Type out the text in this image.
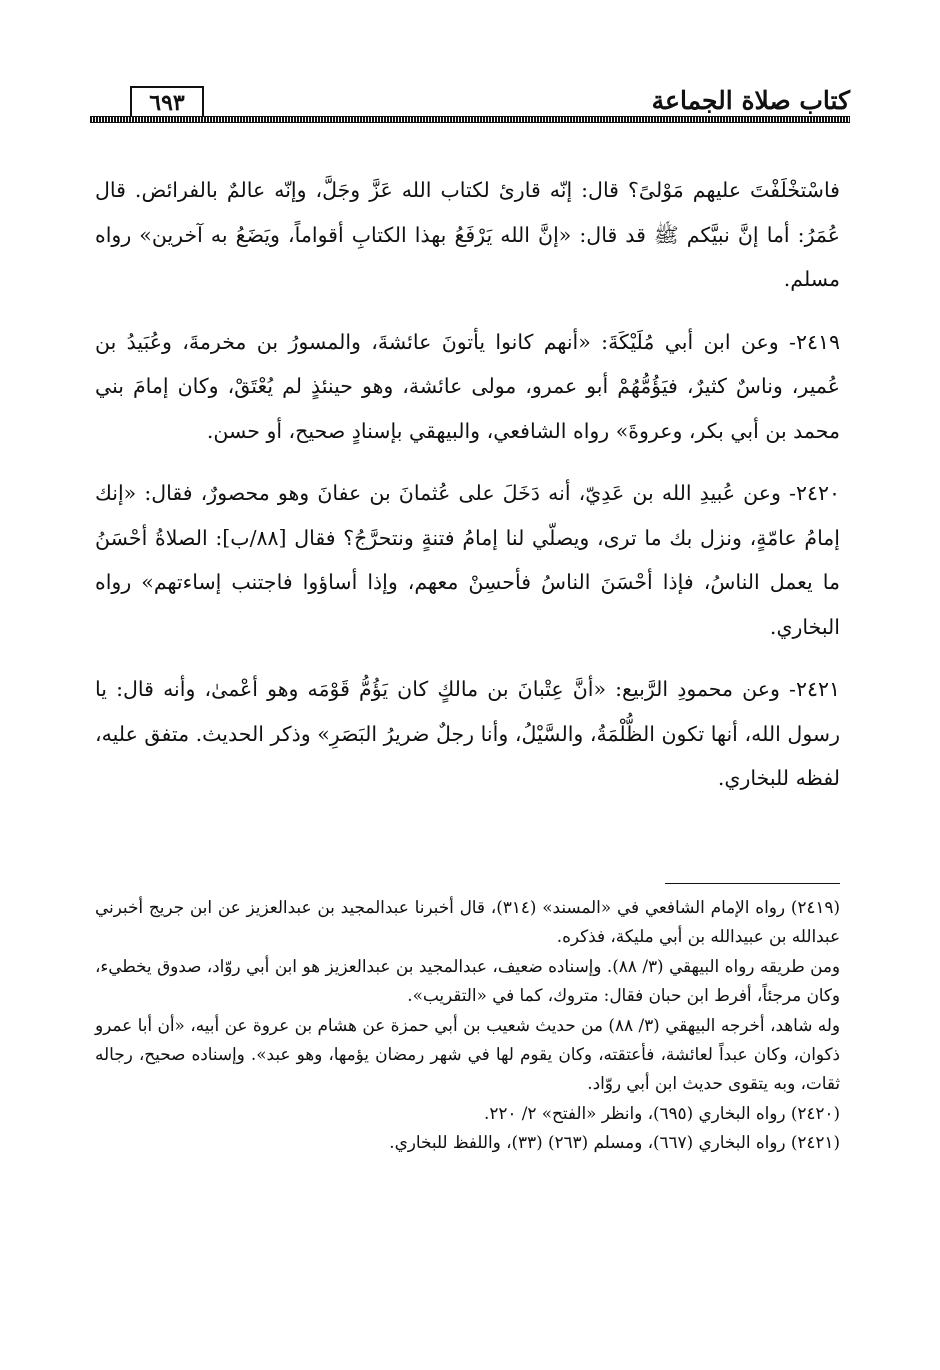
كتاب صلاة الجماعة
٦٩٣

فاسْتخْلَفْتَ عليهم مَوْلىً؟ قال: إنّه قارئ لكتاب الله عَزَّ وجَلَّ، وإنّه عالمٌ بالفرائض. قال عُمَرُ: أما إنَّ نبيَّكم ﷺ قد قال: «إنَّ الله يَرْفَعُ بهذا الكتابِ أقواماً، ويَضَعُ به آخرين» رواه مسلم.

٢٤١٩- وعن ابن أبي مُلَيْكَةَ: «أنهم كانوا يأتونَ عائشةَ، والمسورُ بن مخرمةَ، وعُبَيدُ بن عُمير، وناسٌ كثيرٌ، فيَؤُمُّهُمْ أبو عمرو، مولى عائشة، وهو حينئذٍ لم يُعْتَقْ، وكان إمامَ بني محمد بن أبي بكر، وعروةَ» رواه الشافعي، والبيهقي بإسنادٍ صحيح، أو حسن.

٢٤٢٠- وعن عُبيدِ الله بن عَدِيّ، أنه دَخَلَ على عُثمانَ بن عفانَ وهو محصورٌ، فقال: «إنك إمامُ عامّةٍ، ونزل بك ما ترى، ويصلّي لنا إمامُ فتنةٍ ونتحرَّجُ؟ فقال [٨٨/ب]: الصلاةُ أحْسَنُ ما يعمل الناسُ، فإذا أحْسَنَ الناسُ فأحسِنْ معهم، وإذا أساؤوا فاجتنب إساءتهم» رواه البخاري.

٢٤٢١- وعن محمودِ الرَّبيع: «أنَّ عِتْبانَ بن مالكٍ كان يَؤُمُّ قَوْمَه وهو أعْمىٰ، وأنه قال: يا رسول الله، أنها تكون الظُّلْمَةُ، والسَّيْلُ، وأنا رجلٌ ضريرُ البَصَرِ» وذكر الحديث. متفق عليه، لفظه للبخاري.

(٢٤١٩) رواه الإمام الشافعي في «المسند» (٣١٤)، قال أخبرنا عبدالمجيد بن عبدالعزيز عن ابن جريج أخبرني عبدالله بن عبيدالله بن أبي مليكة، فذكره.

ومن طريقه رواه البيهقي (٣/ ٨٨). وإسناده ضعيف، عبدالمجيد بن عبدالعزيز هو ابن أبي روّاد، صدوق يخطيء، وكان مرجئاً، أفرط ابن حبان فقال: متروك، كما في «التقريب».

وله شاهد، أخرجه البيهقي (٣/ ٨٨) من حديث شعيب بن أبي حمزة عن هشام بن عروة عن أبيه، «أن أبا عمرو ذكوان، وكان عبداً لعائشة، فأعتقته، وكان يقوم لها في شهر رمضان يؤمها، وهو عبد». وإسناده صحيح، رجاله ثقات، وبه يتقوى حديث ابن أبي روّاد.

(٢٤٢٠) رواه البخاري (٦٩٥)، وانظر «الفتح» ٢/ ٢٢٠.

(٢٤٢١) رواه البخاري (٦٦٧)، ومسلم (٢٦٣) (٣٣)، واللفظ للبخاري.
